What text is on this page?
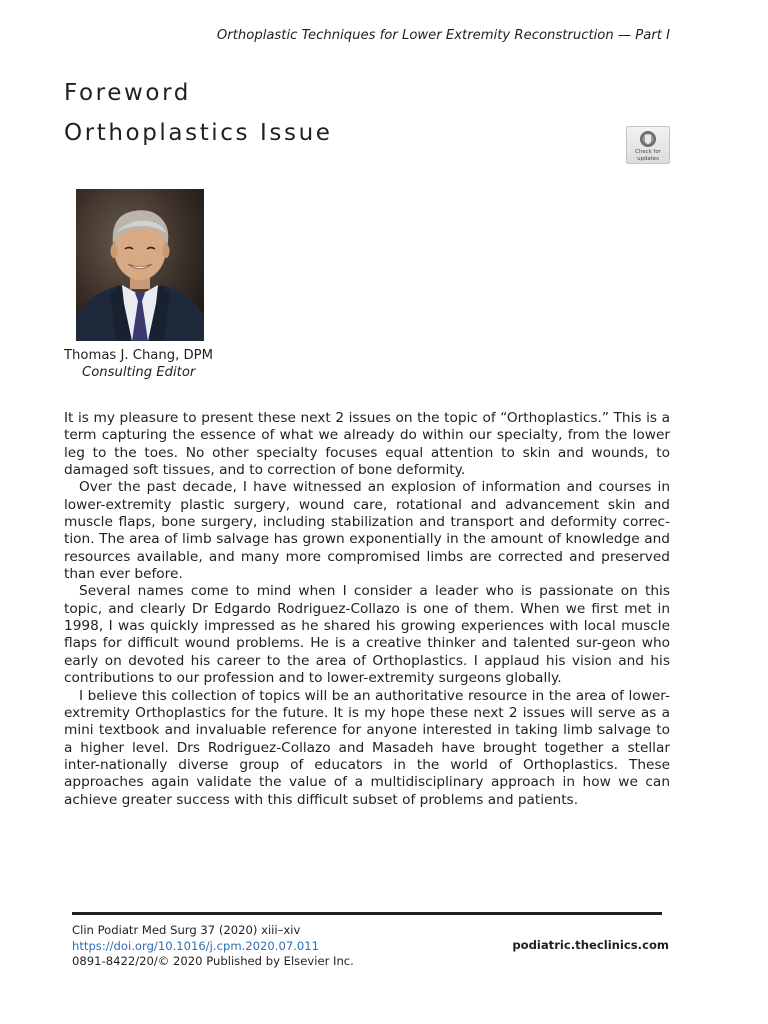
Orthoplastic Techniques for Lower Extremity Reconstruction — Part I
Foreword
Orthoplastics Issue
Check for
updates
Thomas J. Chang, DPM
Consulting Editor

It is my pleasure to present these next 2 issues on the topic of “Orthoplastics.” This is a term capturing the essence of what we already do within our specialty, from the lower leg to the toes. No other specialty focuses equal attention to skin and wounds, to damaged soft tissues, and to correction of bone deformity.

Over the past decade, I have witnessed an explosion of information and courses in lower-extremity plastic surgery, wound care, rotational and advancement skin and muscle flaps, bone surgery, including stabilization and transport and deformity correc-tion. The area of limb salvage has grown exponentially in the amount of knowledge and resources available, and many more compromised limbs are corrected and preserved than ever before.

Several names come to mind when I consider a leader who is passionate on this topic, and clearly Dr Edgardo Rodriguez-Collazo is one of them. When we first met in 1998, I was quickly impressed as he shared his growing experiences with local muscle flaps for difficult wound problems. He is a creative thinker and talented sur-geon who early on devoted his career to the area of Orthoplastics. I applaud his vision and his contributions to our profession and to lower-extremity surgeons globally.

I believe this collection of topics will be an authoritative resource in the area of lower-extremity Orthoplastics for the future. It is my hope these next 2 issues will serve as a mini textbook and invaluable reference for anyone interested in taking limb salvage to a higher level. Drs Rodriguez-Collazo and Masadeh have brought together a stellar inter-nationally diverse group of educators in the world of Orthoplastics. These approaches again validate the value of a multidisciplinary approach in how we can achieve greater success with this difficult subset of problems and patients.

Clin Podiatr Med Surg 37 (2020) xiii–xiv
https://doi.org/10.1016/j.cpm.2020.07.011
0891-8422/20/© 2020 Published by Elsevier Inc.
podiatric.theclinics.com
